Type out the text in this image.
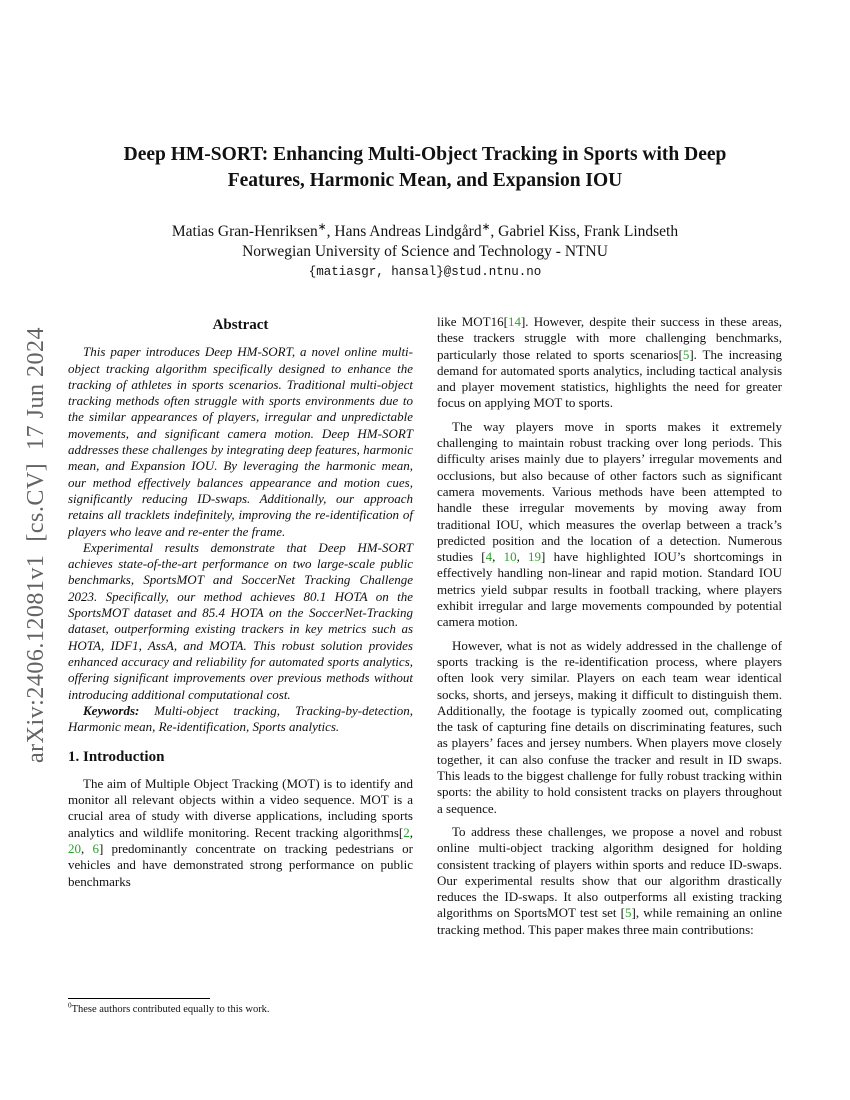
arXiv:2406.12081v1  [cs.CV]  17 Jun 2024
Deep HM-SORT: Enhancing Multi-Object Tracking in Sports with Deep
Features, Harmonic Mean, and Expansion IOU
Matias Gran-Henriksen∗, Hans Andreas Lindgård∗, Gabriel Kiss, Frank Lindseth
Norwegian University of Science and Technology - NTNU
{matiasgr, hansal}@stud.ntnu.no
Abstract

This paper introduces Deep HM-SORT, a novel online multi-object tracking algorithm specifically designed to enhance the tracking of athletes in sports scenarios. Traditional multi-object tracking methods often struggle with sports environments due to the similar appearances of players, irregular and unpredictable movements, and significant camera motion. Deep HM-SORT addresses these challenges by integrating deep features, harmonic mean, and Expansion IOU. By leveraging the harmonic mean, our method effectively balances appearance and motion cues, significantly reducing ID-swaps. Additionally, our approach retains all tracklets indefinitely, improving the re-identification of players who leave and re-enter the frame.

Experimental results demonstrate that Deep HM-SORT achieves state-of-the-art performance on two large-scale public benchmarks, SportsMOT and SoccerNet Tracking Challenge 2023. Specifically, our method achieves 80.1 HOTA on the SportsMOT dataset and 85.4 HOTA on the SoccerNet-Tracking dataset, outperforming existing trackers in key metrics such as HOTA, IDF1, AssA, and MOTA. This robust solution provides enhanced accuracy and reliability for automated sports analytics, offering significant improvements over previous methods without introducing additional computational cost.

Keywords: Multi-object tracking, Tracking-by-detection, Harmonic mean, Re-identification, Sports analytics.

1. Introduction

The aim of Multiple Object Tracking (MOT) is to identify and monitor all relevant objects within a video sequence. MOT is a crucial area of study with diverse applications, including sports analytics and wildlife monitoring. Recent tracking algorithms[2, 20, 6] predominantly concentrate on tracking pedestrians or vehicles and have demonstrated strong performance on public benchmarks

like MOT16[14]. However, despite their success in these areas, these trackers struggle with more challenging benchmarks, particularly those related to sports scenarios[5]. The increasing demand for automated sports analytics, including tactical analysis and player movement statistics, highlights the need for greater focus on applying MOT to sports.

The way players move in sports makes it extremely challenging to maintain robust tracking over long periods. This difficulty arises mainly due to players’ irregular movements and occlusions, but also because of other factors such as significant camera movements. Various methods have been attempted to handle these irregular movements by moving away from traditional IOU, which measures the overlap between a track’s predicted position and the location of a detection. Numerous studies [4, 10, 19] have highlighted IOU’s shortcomings in effectively handling non-linear and rapid motion. Standard IOU metrics yield subpar results in football tracking, where players exhibit irregular and large movements compounded by potential camera motion.

However, what is not as widely addressed in the challenge of sports tracking is the re-identification process, where players often look very similar. Players on each team wear identical socks, shorts, and jerseys, making it difficult to distinguish them. Additionally, the footage is typically zoomed out, complicating the task of capturing fine details on discriminating features, such as players’ faces and jersey numbers. When players move closely together, it can also confuse the tracker and result in ID swaps. This leads to the biggest challenge for fully robust tracking within sports: the ability to hold consistent tracks on players throughout a sequence.

To address these challenges, we propose a novel and robust online multi-object tracking algorithm designed for holding consistent tracking of players within sports and reduce ID-swaps. Our experimental results show that our algorithm drastically reduces the ID-swaps. It also outperforms all existing tracking algorithms on SportsMOT test set [5], while remaining an online tracking method. This paper makes three main contributions:

$^0$These authors contributed equally to this work.
